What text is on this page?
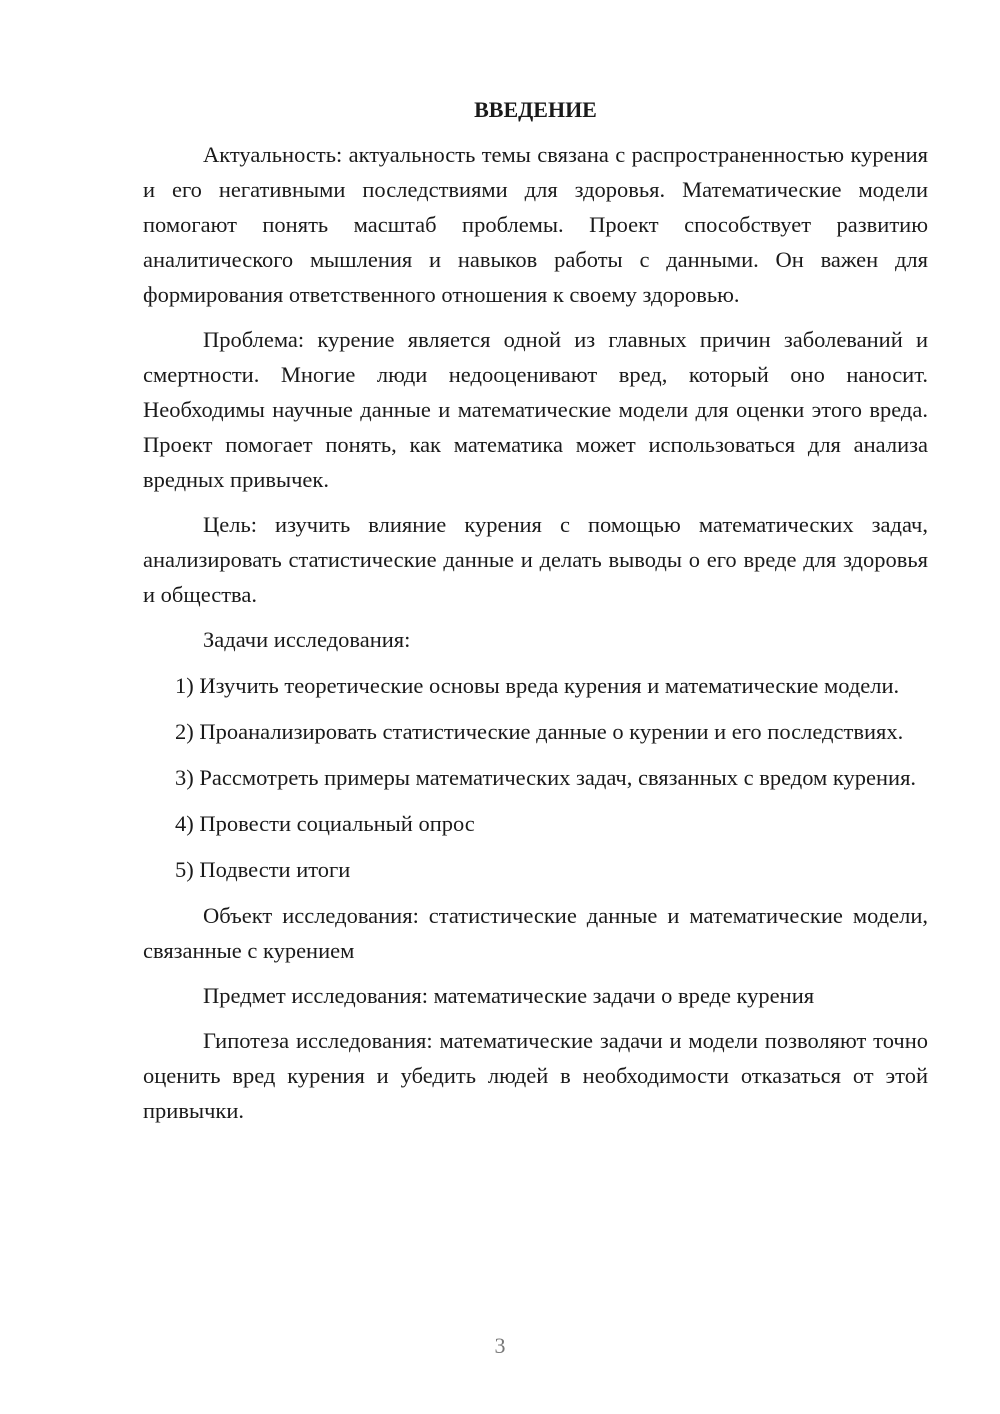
ВВЕДЕНИЕ

Актуальность: актуальность темы связана с распространенностью курения и его негативными последствиями для здоровья. Математические модели помогают понять масштаб проблемы. Проект способствует развитию аналитического мышления и навыков работы с данными. Он важен для формирования ответственного отношения к своему здоровью.

Проблема: курение является одной из главных причин заболеваний и смертности. Многие люди недооценивают вред, который оно наносит. Необходимы научные данные и математические модели для оценки этого вреда. Проект помогает понять, как математика может использоваться для анализа вредных привычек.

Цель: изучить влияние курения с помощью математических задач, анализировать статистические данные и делать выводы о его вреде для здоровья и общества.

Задачи исследования:

1) Изучить теоретические основы вреда курения и математические модели.

2) Проанализировать статистические данные о курении и его последствиях.

3) Рассмотреть примеры математических задач, связанных с вредом курения.

4) Провести социальный опрос

5) Подвести итоги

Объект исследования: статистические данные и математические модели, связанные с курением

Предмет исследования: математические задачи о вреде курения

Гипотеза исследования: математические задачи и модели позволяют точно оценить вред курения и убедить людей в необходимости отказаться от этой привычки.

3
